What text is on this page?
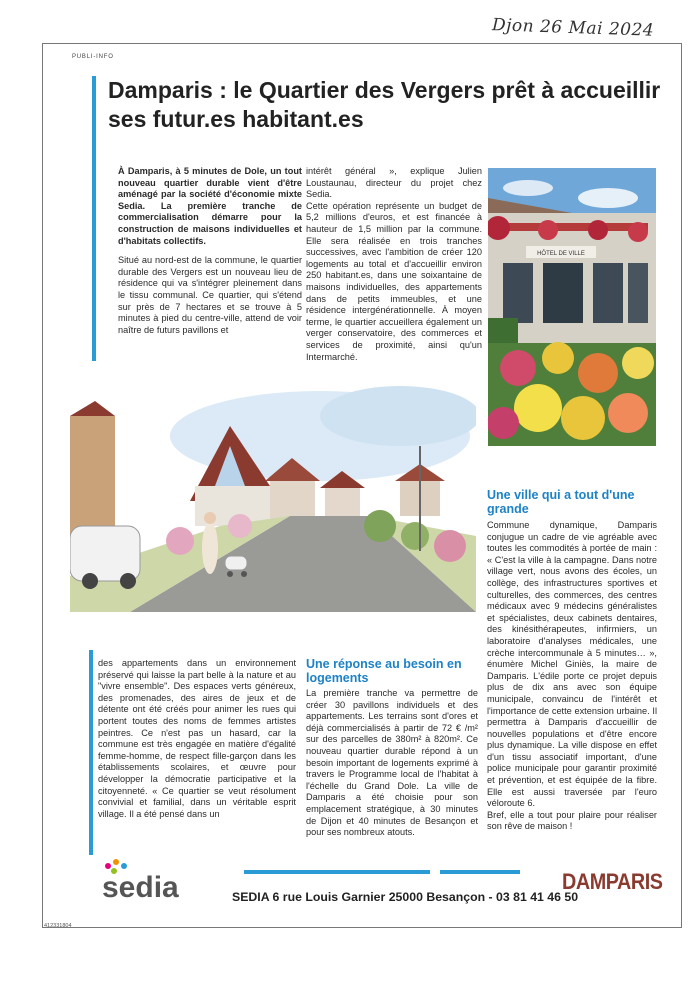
Djon 26 Mai 2024
PUBLI-INFO
Damparis : le Quartier des Vergers prêt à accueillir ses futur.es habitant.es

À Damparis, à 5 minutes de Dole, un tout nouveau quartier durable vient d'être aménagé par la société d'économie mixte Sedia. La première tranche de commercialisation démarre pour la construction de maisons individuelles et d'habitats collectifs.

Situé au nord-est de la commune, le quartier durable des Vergers est un nouveau lieu de résidence qui va s'intégrer pleinement dans le tissu communal. Ce quartier, qui s'étend sur près de 7 hectares et se trouve à 5 minutes à pied du centre-ville, attend de voir naître de futurs pavillons et

intérêt général », explique Julien Loustaunau, directeur du projet chez Sedia.

Cette opération représente un budget de 5,2 millions d'euros, et est financée à hauteur de 1,5 million par la commune. Elle sera réalisée en trois tranches successives, avec l'ambition de créer 120 logements au total et d'accueillir environ 250 habitant.es, dans une soixantaine de maisons individuelles, des appartements dans de petits immeubles, et une résidence intergénérationnelle. À moyen terme, le quartier accueillera également un verger conservatoire, des commerces et services de proximité, ainsi qu'un Intermarché.

HÔTEL DE VILLE
Une ville qui a tout d'une grande

Commune dynamique, Damparis conjugue un cadre de vie agréable avec toutes les commodités à portée de main : « C'est la ville à la campagne. Dans notre village vert, nous avons des écoles, un collège, des infrastructures sportives et culturelles, des commerces, des centres médicaux avec 9 médecins généralistes et spécialistes, deux cabinets dentaires, des kinésithérapeutes, infirmiers, un laboratoire d'analyses médicales, une crèche intercommunale à 5 minutes… », énumère Michel Giniès, la maire de Damparis. L'édile porte ce projet depuis plus de dix ans avec son équipe municipale, convaincu de l'intérêt et l'importance de cette extension urbaine. Il permettra à Damparis d'accueillir de nouvelles populations et d'être encore plus dynamique. La ville dispose en effet d'un tissu associatif important, d'une police municipale pour garantir proximité et prévention, et est équipée de la fibre. Elle est aussi traversée par l'euro véloroute 6.

Bref, elle a tout pour plaire pour réaliser son rêve de maison !

des appartements dans un environnement préservé qui laisse la part belle à la nature et au "vivre ensemble". Des espaces verts généreux, des promenades, des aires de jeux et de détente ont été créés pour animer les rues qui portent toutes des noms de femmes artistes peintres. Ce n'est pas un hasard, car la commune est très engagée en matière d'égalité femme-homme, de respect fille-garçon dans les établissements scolaires, et œuvre pour développer la démocratie participative et la citoyenneté. « Ce quartier se veut résolument convivial et familial, dans un véritable esprit village. Il a été pensé dans un

Une réponse au besoin en logements

La première tranche va permettre de créer 30 pavillons individuels et des appartements. Les terrains sont d'ores et déjà commercialisés à partir de 72 € /m² sur des parcelles de 380m² à 820m². Ce nouveau quartier durable répond à un besoin important de logements exprimé à travers le Programme local de l'habitat à l'échelle du Grand Dole. La ville de Damparis a été choisie pour son emplacement stratégique, à 30 minutes de Dijon et 40 minutes de Besançon et pour ses nombreux atouts.

sedia	SEDIA 6 rue Louis Garnier 25000 Besançon - 03 81 41 46 50
DAMPARIS
412331804
